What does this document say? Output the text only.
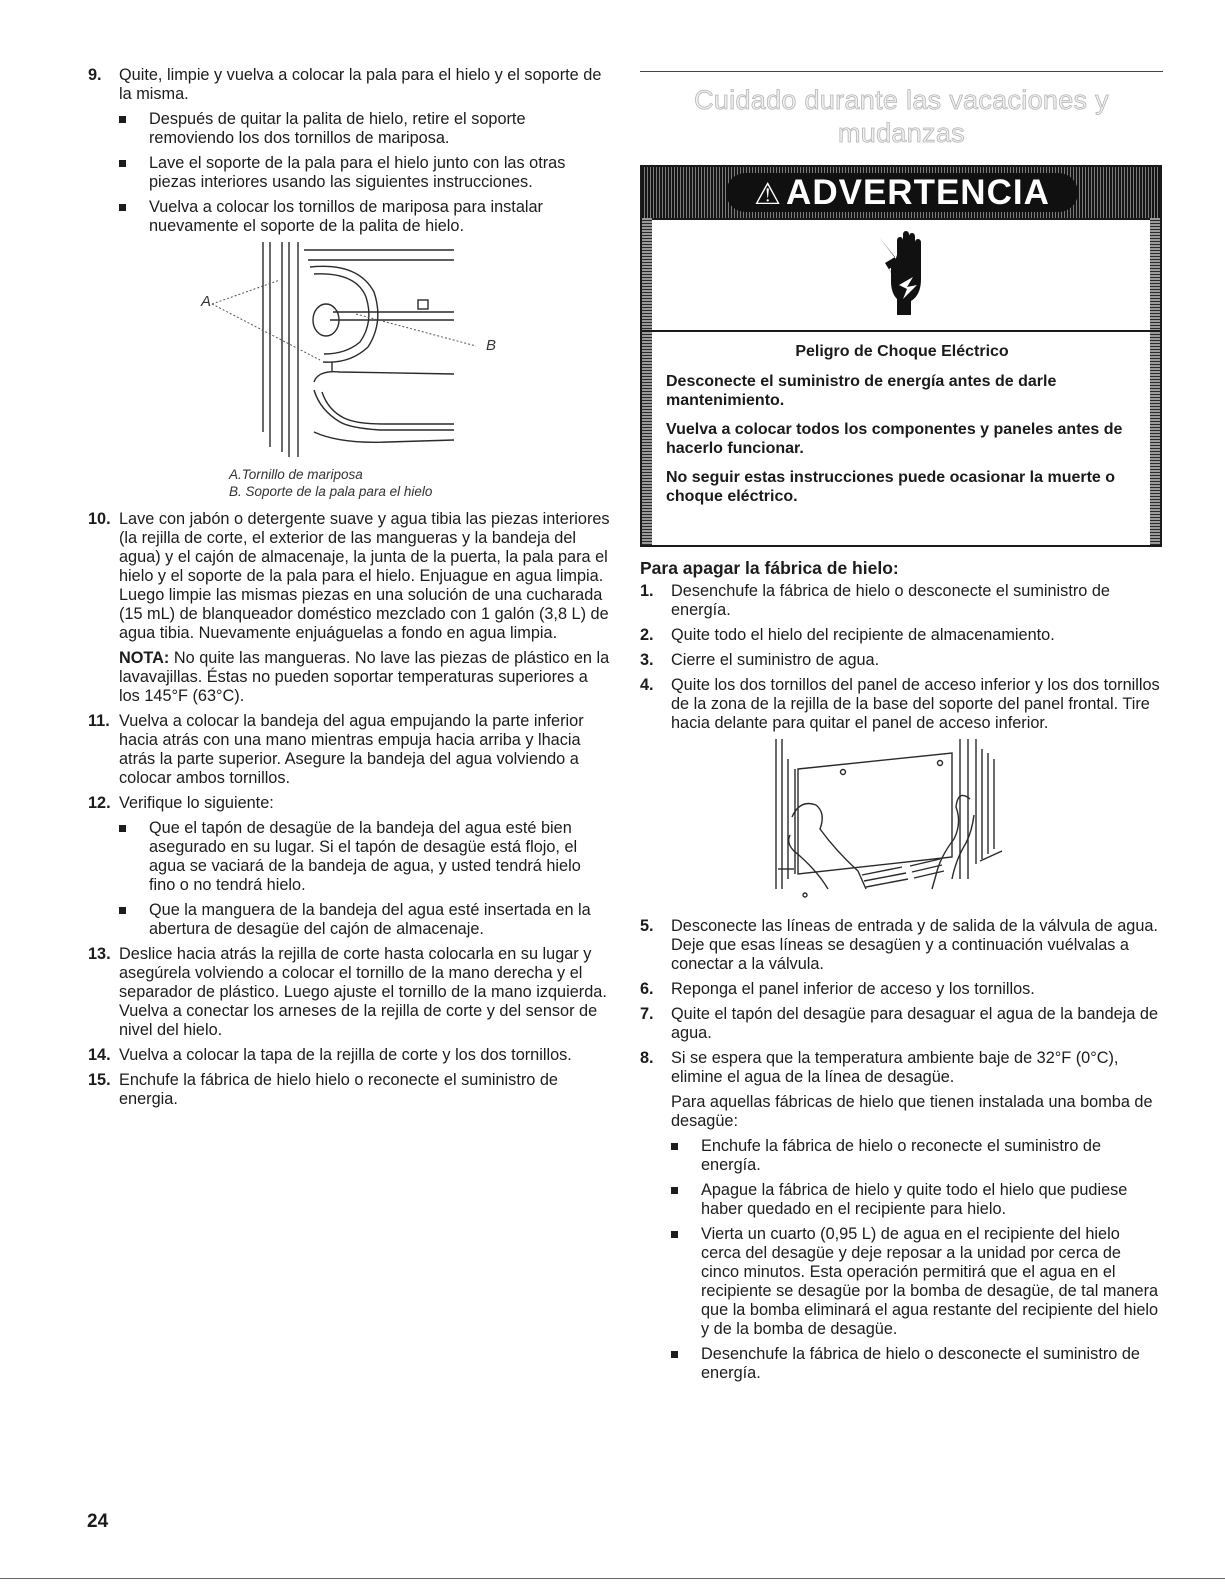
9. Quite, limpie y vuelva a colocar la pala para el hielo y el soporte de la misma.
Después de quitar la palita de hielo, retire el soporte removiendo los dos tornillos de mariposa.
Lave el soporte de la pala para el hielo junto con las otras piezas interiores usando las siguientes instrucciones.
Vuelva a colocar los tornillos de mariposa para instalar nuevamente el soporte de la palita de hielo.
A
B
A.Tornillo de mariposa
B. Soporte de la pala para el hielo
10. Lave con jabón o detergente suave y agua tibia las piezas interiores (la rejilla de corte, el exterior de las mangueras y la bandeja del agua) y el cajón de almacenaje, la junta de la puerta, la pala para el hielo y el soporte de la pala para el hielo. Enjuague en agua limpia. Luego limpie las mismas piezas en una solución de una cucharada (15 mL) de blanqueador doméstico mezclado con 1 galón (3,8 L) de agua tibia. Nuevamente enjuáguelas a fondo en agua limpia.
NOTA: No quite las mangueras. No lave las piezas de plástico en la lavavajillas. Éstas no pueden soportar temperaturas superiores a los 145°F (63°C).
11. Vuelva a colocar la bandeja del agua empujando la parte inferior hacia atrás con una mano mientras empuja hacia arriba y lhacia atrás la parte superior. Asegure la bandeja del agua volviendo a colocar ambos tornillos.
12. Verifique lo siguiente:
Que el tapón de desagüe de la bandeja del agua esté bien asegurado en su lugar. Si el tapón de desagüe está flojo, el agua se vaciará de la bandeja de agua, y usted tendrá hielo fino o no tendrá hielo.
Que la manguera de la bandeja del agua esté insertada en la abertura de desagüe del cajón de almacenaje.
13. Deslice hacia atrás la rejilla de corte hasta colocarla en su lugar y asegúrela volviendo a colocar el tornillo de la mano derecha y el separador de plástico. Luego ajuste el tornillo de la mano izquierda. Vuelva a conectar los arneses de la rejilla de corte y del sensor de nivel del hielo.
14. Vuelva a colocar la tapa de la rejilla de corte y los dos tornillos.
15. Enchufe la fábrica de hielo hielo o reconecte el suministro de energia.
Cuidado durante las vacaciones y mudanzas
⚠ ADVERTENCIA
Peligro de Choque Eléctrico

Desconecte el suministro de energía antes de darle mantenimiento.

Vuelva a colocar todos los componentes y paneles antes de hacerlo funcionar.

No seguir estas instrucciones puede ocasionar la muerte o choque eléctrico.

Para apagar la fábrica de hielo:
1. Desenchufe la fábrica de hielo o desconecte el suministro de energía.
2. Quite todo el hielo del recipiente de almacenamiento.
3. Cierre el suministro de agua.
4. Quite los dos tornillos del panel de acceso inferior y los dos tornillos de la zona de la rejilla de la base del soporte del panel frontal. Tire hacia delante para quitar el panel de acceso inferior.
5. Desconecte las líneas de entrada y de salida de la válvula de agua. Deje que esas líneas se desagüen y a continuación vuélvalas a conectar a la válvula.
6. Reponga el panel inferior de acceso y los tornillos.
7. Quite el tapón del desagüe para desaguar el agua de la bandeja de agua.
8. Si se espera que la temperatura ambiente baje de 32°F (0°C), elimine el agua de la línea de desagüe.
Para aquellas fábricas de hielo que tienen instalada una bomba de desagüe:
Enchufe la fábrica de hielo o reconecte el suministro de energía.
Apague la fábrica de hielo y quite todo el hielo que pudiese haber quedado en el recipiente para hielo.
Vierta un cuarto (0,95 L) de agua en el recipiente del hielo cerca del desagüe y deje reposar a la unidad por cerca de cinco minutos. Esta operación permitirá que el agua en el recipiente se desagüe por la bomba de desagüe, de tal manera que la bomba eliminará el agua restante del recipiente del hielo y de la bomba de desagüe.
Desenchufe la fábrica de hielo o desconecte el suministro de energía.
24
